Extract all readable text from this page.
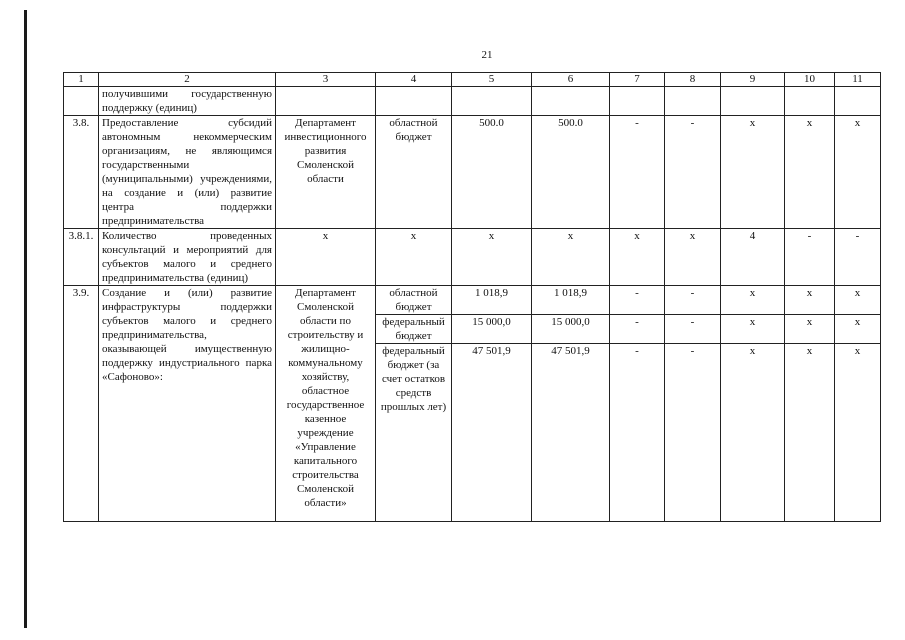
21
1	2	3	4	5	6	7	8	9	10	11
	получившими государственную поддержку (единиц)									
3.8.	Предоставление субсидий автономным некоммерческим организациям, не являющимся государственными (муниципальными) учреждениями, на создание и (или) развитие центра поддержки предпринимательства	Департамент инвестиционного развития Смоленской области	областной бюджет	500.0	500.0	-	-	x	x	x
3.8.1.	Количество проведенных консультаций и мероприятий для субъектов малого и среднего предпринимательства (единиц)	x	x	x	x	x	x	4	-	-
3.9.	Создание и (или) развитие инфраструктуры поддержки субъектов малого и среднего предпринимательства, оказывающей имущественную поддержку индустриального парка «Сафоново»:	Департамент Смоленской области по строительству и жилищно-коммунальному хозяйству, областное государственное казенное учреждение «Управление капитального строительства Смоленской области»	областной бюджет	1 018,9	1 018,9	-	-	x	x	x
			федеральный бюджет	15 000,0	15 000,0	-	-	x	x	x
			федеральный бюджет (за счет остатков средств прошлых лет)	47 501,9	47 501,9	-	-	x	x	x
